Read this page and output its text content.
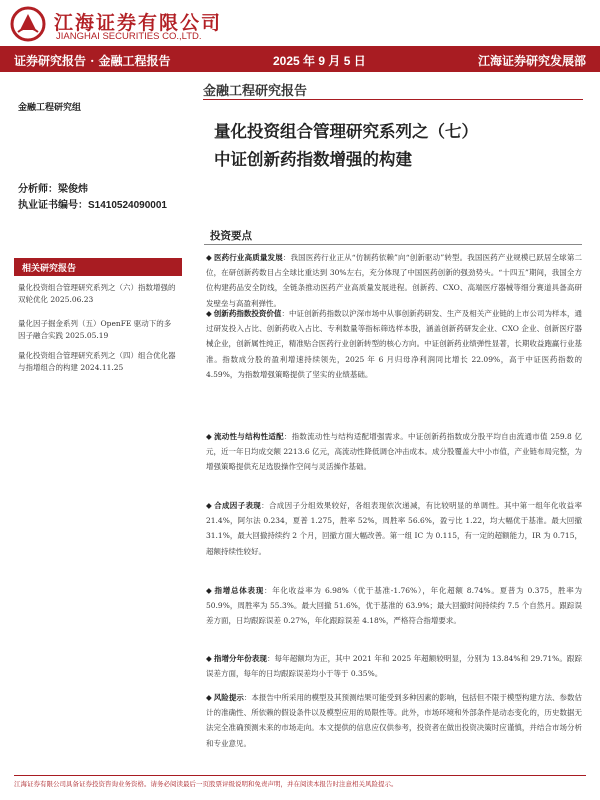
江海证券有限公司
JIANGHAI SECURITIES CO.,LTD.
证券研究报告 · 金融工程报告	2025 年 9 月 5 日	江海证券研究发展部
金融工程研究报告
金融工程研究组
量化投资组合管理研究系列之（七）
中证创新药指数增强的构建
分析师：梁俊炜
执业证书编号：S1410524090001
投资要点
相关研究报告
量化投资组合管理研究系列之（六）指数增强的双轮优化 2025.06.23
量化因子掘金系列（五）OpenFE 驱动下的多因子融合实践 2025.05.19
量化投资组合管理研究系列之（四）组合优化器与指增组合的构建 2024.11.25
◆ 医药行业高质量发展：我国医药行业正从“仿制药依赖”向“创新驱动”转型。我国医药产业规模已跃居全球第二位，在研创新药数目占全球比重达到 30%左右，充分体现了中国医药创新的强劲势头。“十四五”期间，我国全方位构建药品安全防线，全链条推动医药产业高质量发展进程。创新药、CXO、高端医疗器械等细分赛道具备高研发壁垒与高盈利弹性。
◆ 创新药指数投资价值：中证创新药指数以沪深市场中从事创新药研发、生产及相关产业链的上市公司为样本，通过研发投入占比、创新药收入占比、专利数量等指标筛选样本股，涵盖创新药研发企业、CXO 企业、创新医疗器械企业，创新属性纯正，精准贴合医药行业创新转型的核心方向。中证创新药业绩弹性显著，长期收益跑赢行业基准。指数成分股的盈利增速持续领先，2025 年 6 月归母净利润同比增长 22.09%，高于中证医药指数的 4.59%，为指数增强策略提供了坚实的业绩基础。
◆ 流动性与结构性适配：指数流动性与结构适配增强需求。中证创新药指数成分股平均自由流通市值 259.8 亿元，近一年日均成交额 2213.6 亿元，高流动性降低调仓冲击成本。成分股覆盖大中小市值，产业链布局完整，为增强策略提供充足选股操作空间与灵活操作基础。
◆ 合成因子表现：合成因子分组效果较好，各组表现依次递减，有比较明显的单调性。其中第一组年化收益率 21.4%，阿尔法 0.234，夏普 1.275，胜率 52%，周胜率 56.6%，盈亏比 1.22，均大幅优于基准。最大回撤 31.1%，最大回撤持续约 2 个月，回撤方面大幅改善。第一组 IC 为 0.115，有一定的超额能力，IR 为 0.715，超额持续性较好。
◆ 指增总体表现：年化收益率为 6.98%（优于基准-1.76%），年化超额 8.74%。夏普为 0.375，胜率为 50.9%，周胜率为 55.3%。最大回撤 51.6%，优于基准的 63.9%；最大回撤时间持续约 7.5 个自然月。跟踪误差方面，日均跟踪误差 0.27%，年化跟踪误差 4.18%，严格符合指增要求。
◆ 指增分年份表现：每年超额均为正，其中 2021 年和 2025 年超额较明显，分别为 13.84%和 29.71%。跟踪误差方面，每年的日均跟踪误差均小于等于 0.35%。
◆ 风险提示：本报告中所采用的模型及其预测结果可能受到多种因素的影响，包括但不限于模型构建方法、参数估计的准确性、所依赖的假设条件以及模型应用的局限性等。此外，市场环境和外部条件是动态变化的，历史数据无法完全准确预测未来的市场走向。本文提供的信息应仅供参考，投资者在做出投资决策时应谨慎，并结合市场分析和专业意见。
江海证券有限公司具备证券投资咨询业务资格。请务必阅读最后一页股票评级说明和免责声明，并在阅读本报告时注意相关风险提示。
